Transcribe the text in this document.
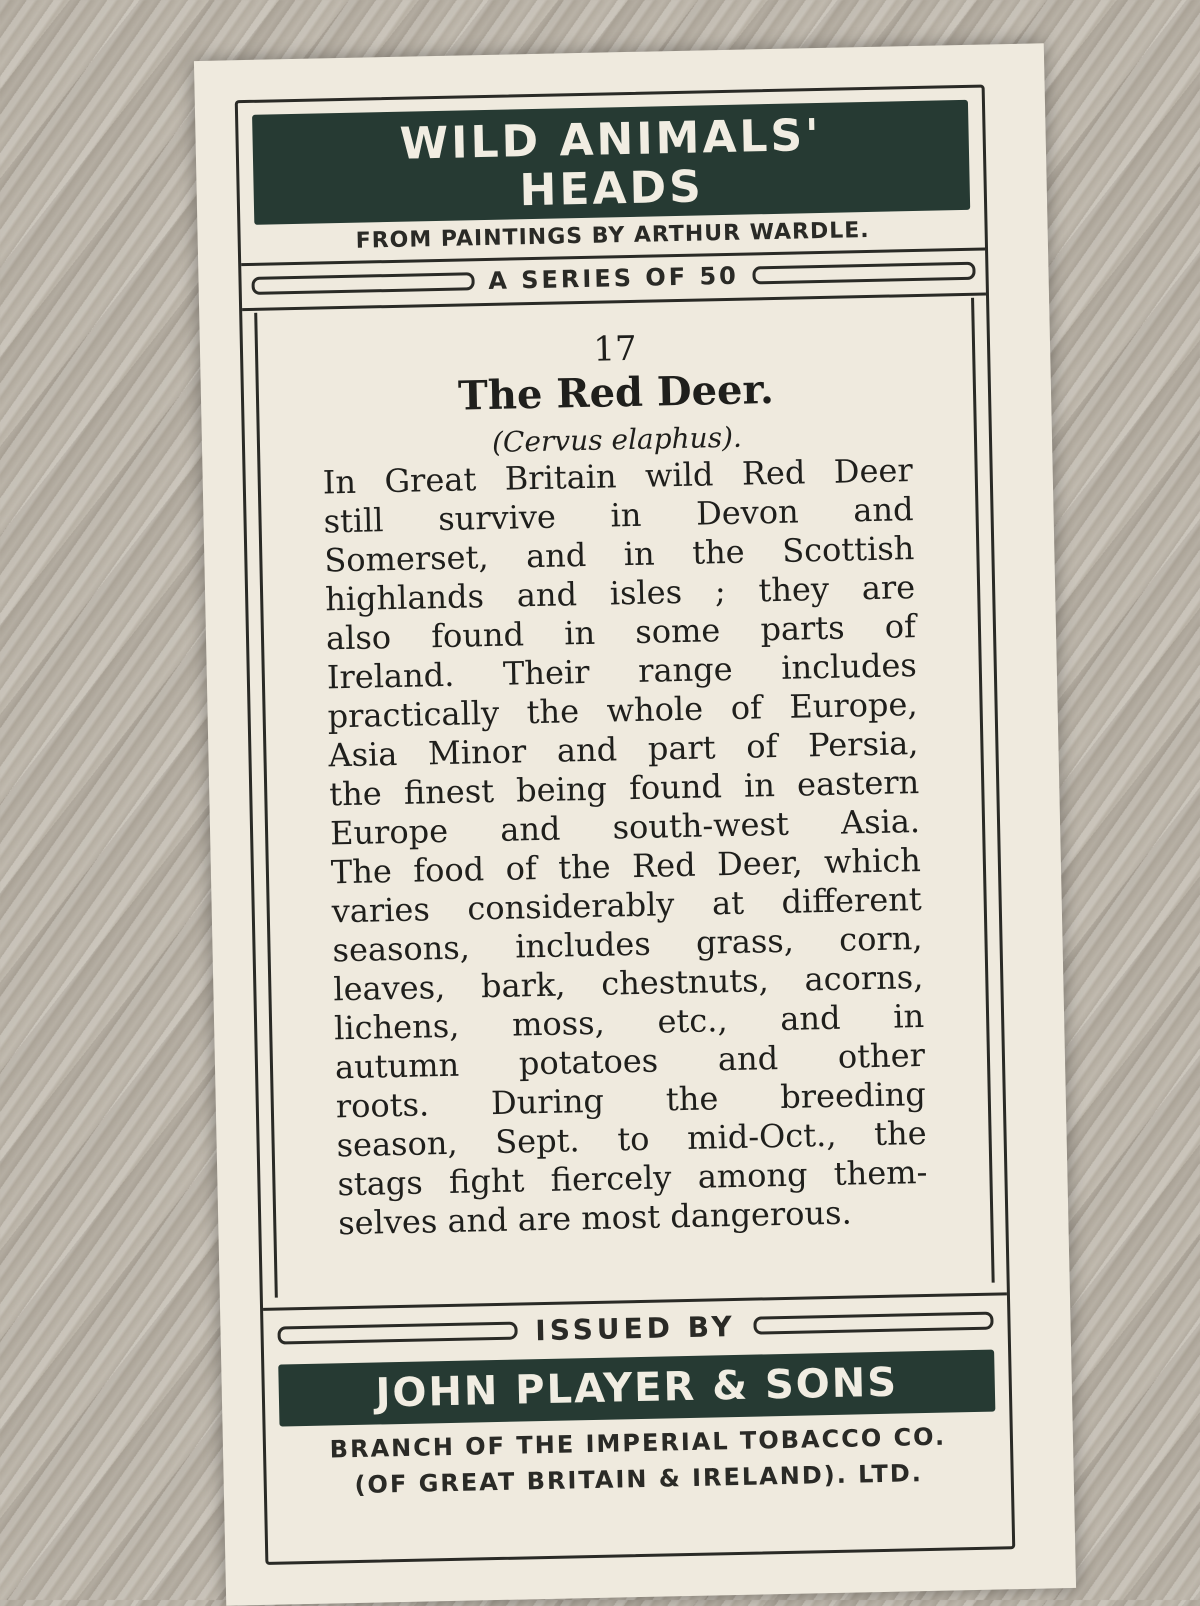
WILD ANIMALS'
HEADS
FROM PAINTINGS BY ARTHUR WARDLE.
A SERIES OF 50
17
The Red Deer.
(Cervus elaphus).
In Great Britain wild Red Deer
still survive in Devon and
Somerset, and in the Scottish
highlands and isles ; they are
also found in some parts of
Ireland. Their range includes
practically the whole of Europe,
Asia Minor and part of Persia,
the finest being found in eastern
Europe and south-west Asia.
The food of the Red Deer, which
varies considerably at different
seasons, includes grass, corn,
leaves, bark, chestnuts, acorns,
lichens, moss, etc., and in
autumn potatoes and other
roots. During the breeding
season, Sept. to mid-Oct., the
stags fight fiercely among them-
selves and are most dangerous.
ISSUED BY
JOHN PLAYER & SONS
BRANCH OF THE IMPERIAL TOBACCO CO.
(OF GREAT BRITAIN & IRELAND). LTD.
